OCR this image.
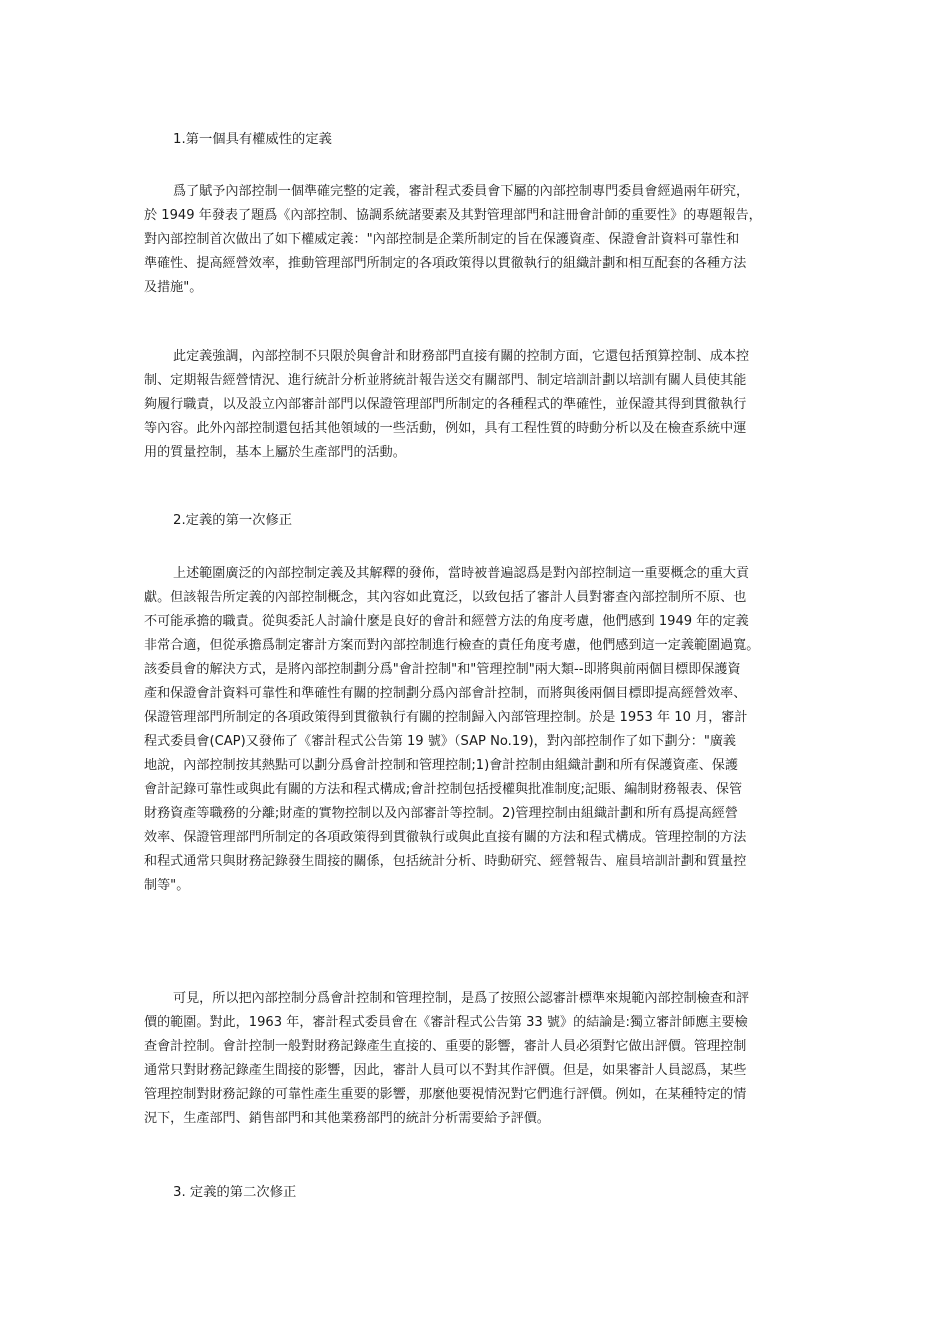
1.第一個具有權威性的定義
爲了賦予內部控制一個準確完整的定義，審計程式委員會下屬的內部控制專門委員會經過兩年研究，
於 1949 年發表了題爲《內部控制、協調系統諸要素及其對管理部門和註冊會計師的重要性》的專題報告，
對內部控制首次做出了如下權威定義："內部控制是企業所制定的旨在保護資產、保證會計資料可靠性和
準確性、提高經營效率，推動管理部門所制定的各項政策得以貫徹執行的組織計劃和相互配套的各種方法
及措施"。
此定義強調，內部控制不只限於與會計和財務部門直接有關的控制方面，它還包括預算控制、成本控
制、定期報告經營情況、進行統計分析並將統計報告送交有關部門、制定培訓計劃以培訓有關人員使其能
夠履行職責，以及設立內部審計部門以保證管理部門所制定的各種程式的準確性，並保證其得到貫徹執行
等內容。此外內部控制還包括其他領域的一些活動，例如，具有工程性質的時動分析以及在檢查系統中運
用的質量控制，基本上屬於生產部門的活動。
2.定義的第一次修正
上述範圍廣泛的內部控制定義及其解釋的發佈，當時被普遍認爲是對內部控制這一重要概念的重大貢
獻。但該報告所定義的內部控制概念，其內容如此寬泛，以致包括了審計人員對審查內部控制所不原、也
不可能承擔的職責。從與委託人討論什麼是良好的會計和經營方法的角度考慮，他們感到 1949 年的定義
非常合適，但從承擔爲制定審計方案而對內部控制進行檢查的責任角度考慮，他們感到這一定義範圍過寬。
該委員會的解決方式，是將內部控制劃分爲"會計控制"和"管理控制"兩大類--即將與前兩個目標即保護資
產和保證會計資料可靠性和準確性有關的控制劃分爲內部會計控制，而將與後兩個目標即提高經營效率、
保證管理部門所制定的各項政策得到貫徹執行有關的控制歸入內部管理控制。於是 1953 年 10 月，審計
程式委員會(CAP)又發佈了《審計程式公告第 19 號》（SAP No.19)，對內部控制作了如下劃分："廣義
地說，內部控制按其熱點可以劃分爲會計控制和管理控制;1)會計控制由組織計劃和所有保護資產、保護
會計記錄可靠性或與此有關的方法和程式構成;會計控制包括授權與批准制度;記賬、編制財務報表、保管
財務資產等職務的分離;財產的實物控制以及內部審計等控制。2)管理控制由組織計劃和所有爲提高經營
效率、保證管理部門所制定的各項政策得到貫徹執行或與此直接有關的方法和程式構成。管理控制的方法
和程式通常只與財務記錄發生間接的關係，包括統計分析、時動研究、經營報告、雇員培訓計劃和質量控
制等"。
可見，所以把內部控制分爲會計控制和管理控制，是爲了按照公認審計標準來規範內部控制檢查和評
價的範圍。對此，1963 年，審計程式委員會在《審計程式公告第 33 號》的結論是:獨立審計師應主要檢
查會計控制。會計控制一般對財務記錄產生直接的、重要的影響，審計人員必須對它做出評價。管理控制
通常只對財務記錄產生間接的影響，因此，審計人員可以不對其作評價。但是，如果審計人員認爲，某些
管理控制對財務記錄的可靠性產生重要的影響，那麼他要視情況對它們進行評價。例如，在某種特定的情
況下，生產部門、銷售部門和其他業務部門的統計分析需要給予評價。
3. 定義的第二次修正
